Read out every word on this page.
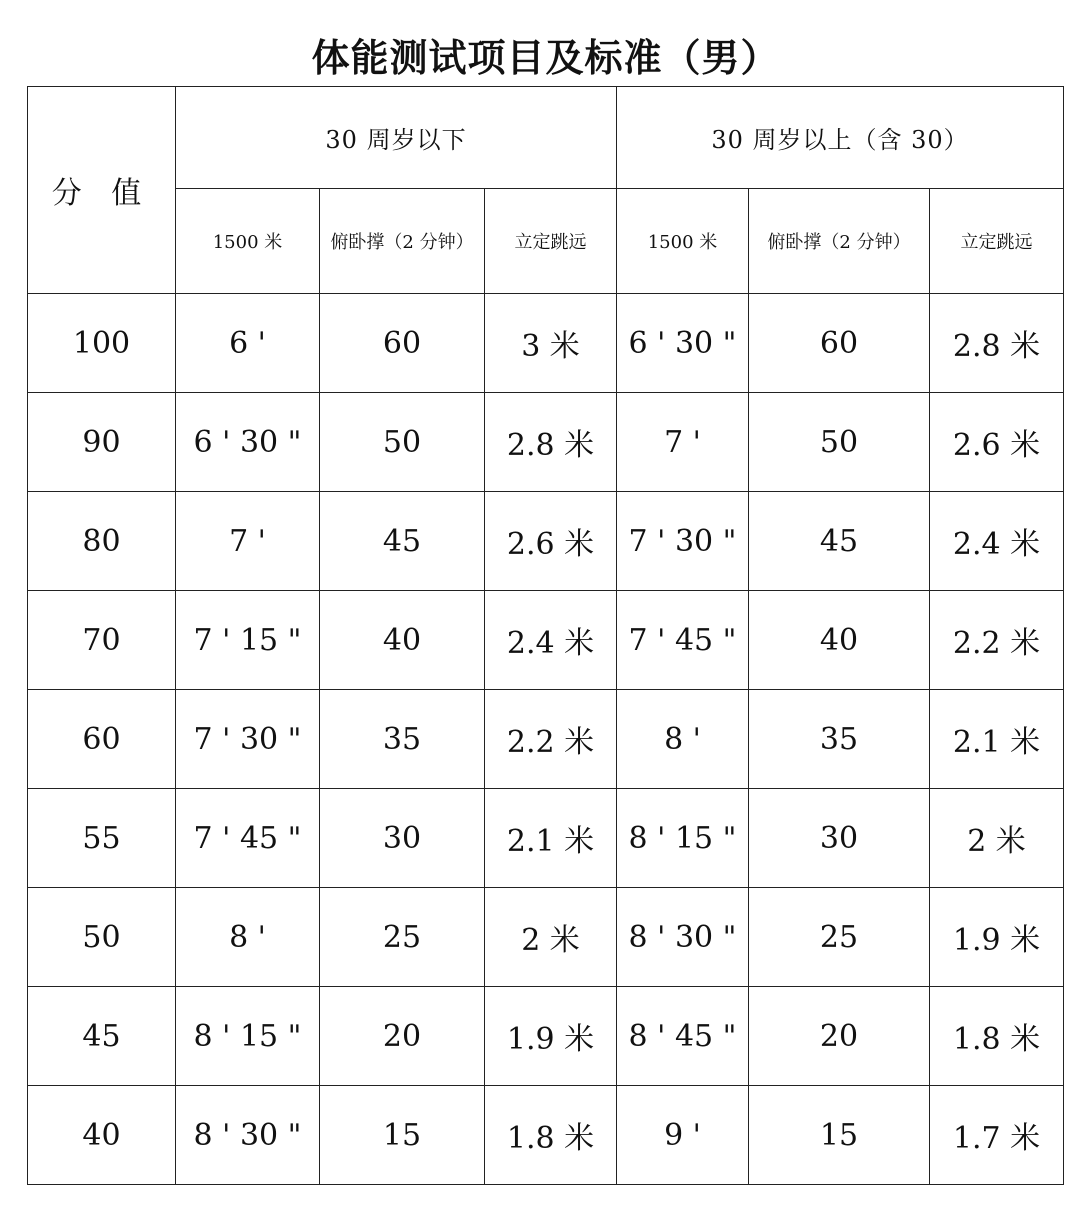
体能测试项目及标准（男）
分 值	30 周岁以下			30 周岁以上（含 30）		
	1500 米	俯卧撑（2 分钟）	立定跳远	1500 米	俯卧撑（2 分钟）	立定跳远
100	6 '	60	3 米	6 ' 30 "	60	2.8 米
90	6 ' 30 "	50	2.8 米	7 '	50	2.6 米
80	7 '	45	2.6 米	7 ' 30 "	45	2.4 米
70	7 ' 15 "	40	2.4 米	7 ' 45 "	40	2.2 米
60	7 ' 30 "	35	2.2 米	8 '	35	2.1 米
55	7 ' 45 "	30	2.1 米	8 ' 15 "	30	2 米
50	8 '	25	2 米	8 ' 30 "	25	1.9 米
45	8 ' 15 "	20	1.9 米	8 ' 45 "	20	1.8 米
40	8 ' 30 "	15	1.8 米	9 '	15	1.7 米
